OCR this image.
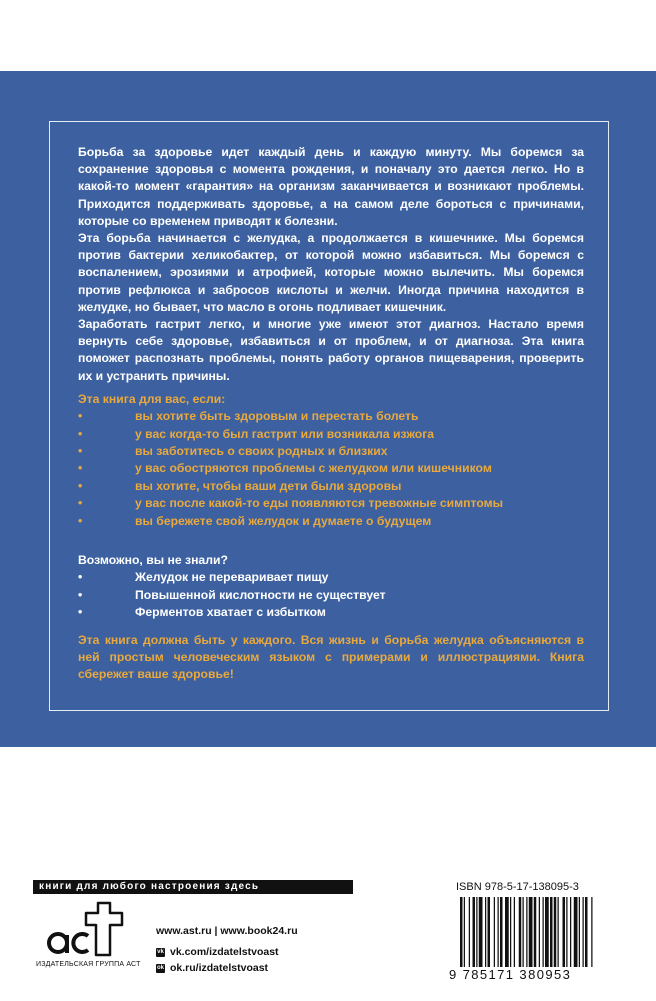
Борьба за здоровье идет каждый день и каждую минуту. Мы боремся за сохранение здоровья с момента рождения, и поначалу это дается легко. Но в какой-то момент «гарантия» на организм заканчивается и возникают проблемы. Приходится поддерживать здоровье, а на самом деле бороться с причинами, которые со временем приводят к болезни.

Эта борьба начинается с желудка, а продолжается в кишечнике. Мы боремся против бактерии хеликобактер, от которой можно избавиться. Мы боремся с воспалением, эрозиями и атрофией, которые можно вылечить. Мы боремся против рефлюкса и забросов кислоты и желчи. Иногда причина находится в желудке, но бывает, что масло в огонь подливает кишечник.

Заработать гастрит легко, и многие уже имеют этот диагноз. Настало время вернуть себе здоровье, избавиться и от проблем, и от диагноза. Эта книга поможет распознать проблемы, понять работу органов пищеварения, проверить их и устранить причины.

Эта книга для вас, если:
•	вы хотите быть здоровым и перестать болеть
•	у вас когда-то был гастрит или возникала изжога
•	вы заботитесь о своих родных и близких
•	у вас обостряются проблемы с желудком или кишечником
•	вы хотите, чтобы ваши дети были здоровы
•	у вас после какой-то еды появляются тревожные симптомы
•	вы бережете свой желудок и думаете о будущем
Возможно, вы не знали?
•	Желудок не переваривает пищу
•	Повышенной кислотности не существует
•	Ферментов хватает с избытком

Эта книга должна быть у каждого. Вся жизнь и борьба желудка объясняются в ней простым человеческим языком с примерами и иллюстрациями. Книга сбережет ваше здоровье!

книги для любого настроения здесь
ИЗДАТЕЛЬСКАЯ ГРУППА АСТ
www.ast.ru | www.book24.ru
vk vk.com/izdatelstvoast
ok ok.ru/izdatelstvoast
ISBN 978-5-17-138095-3
9 785171 380953
